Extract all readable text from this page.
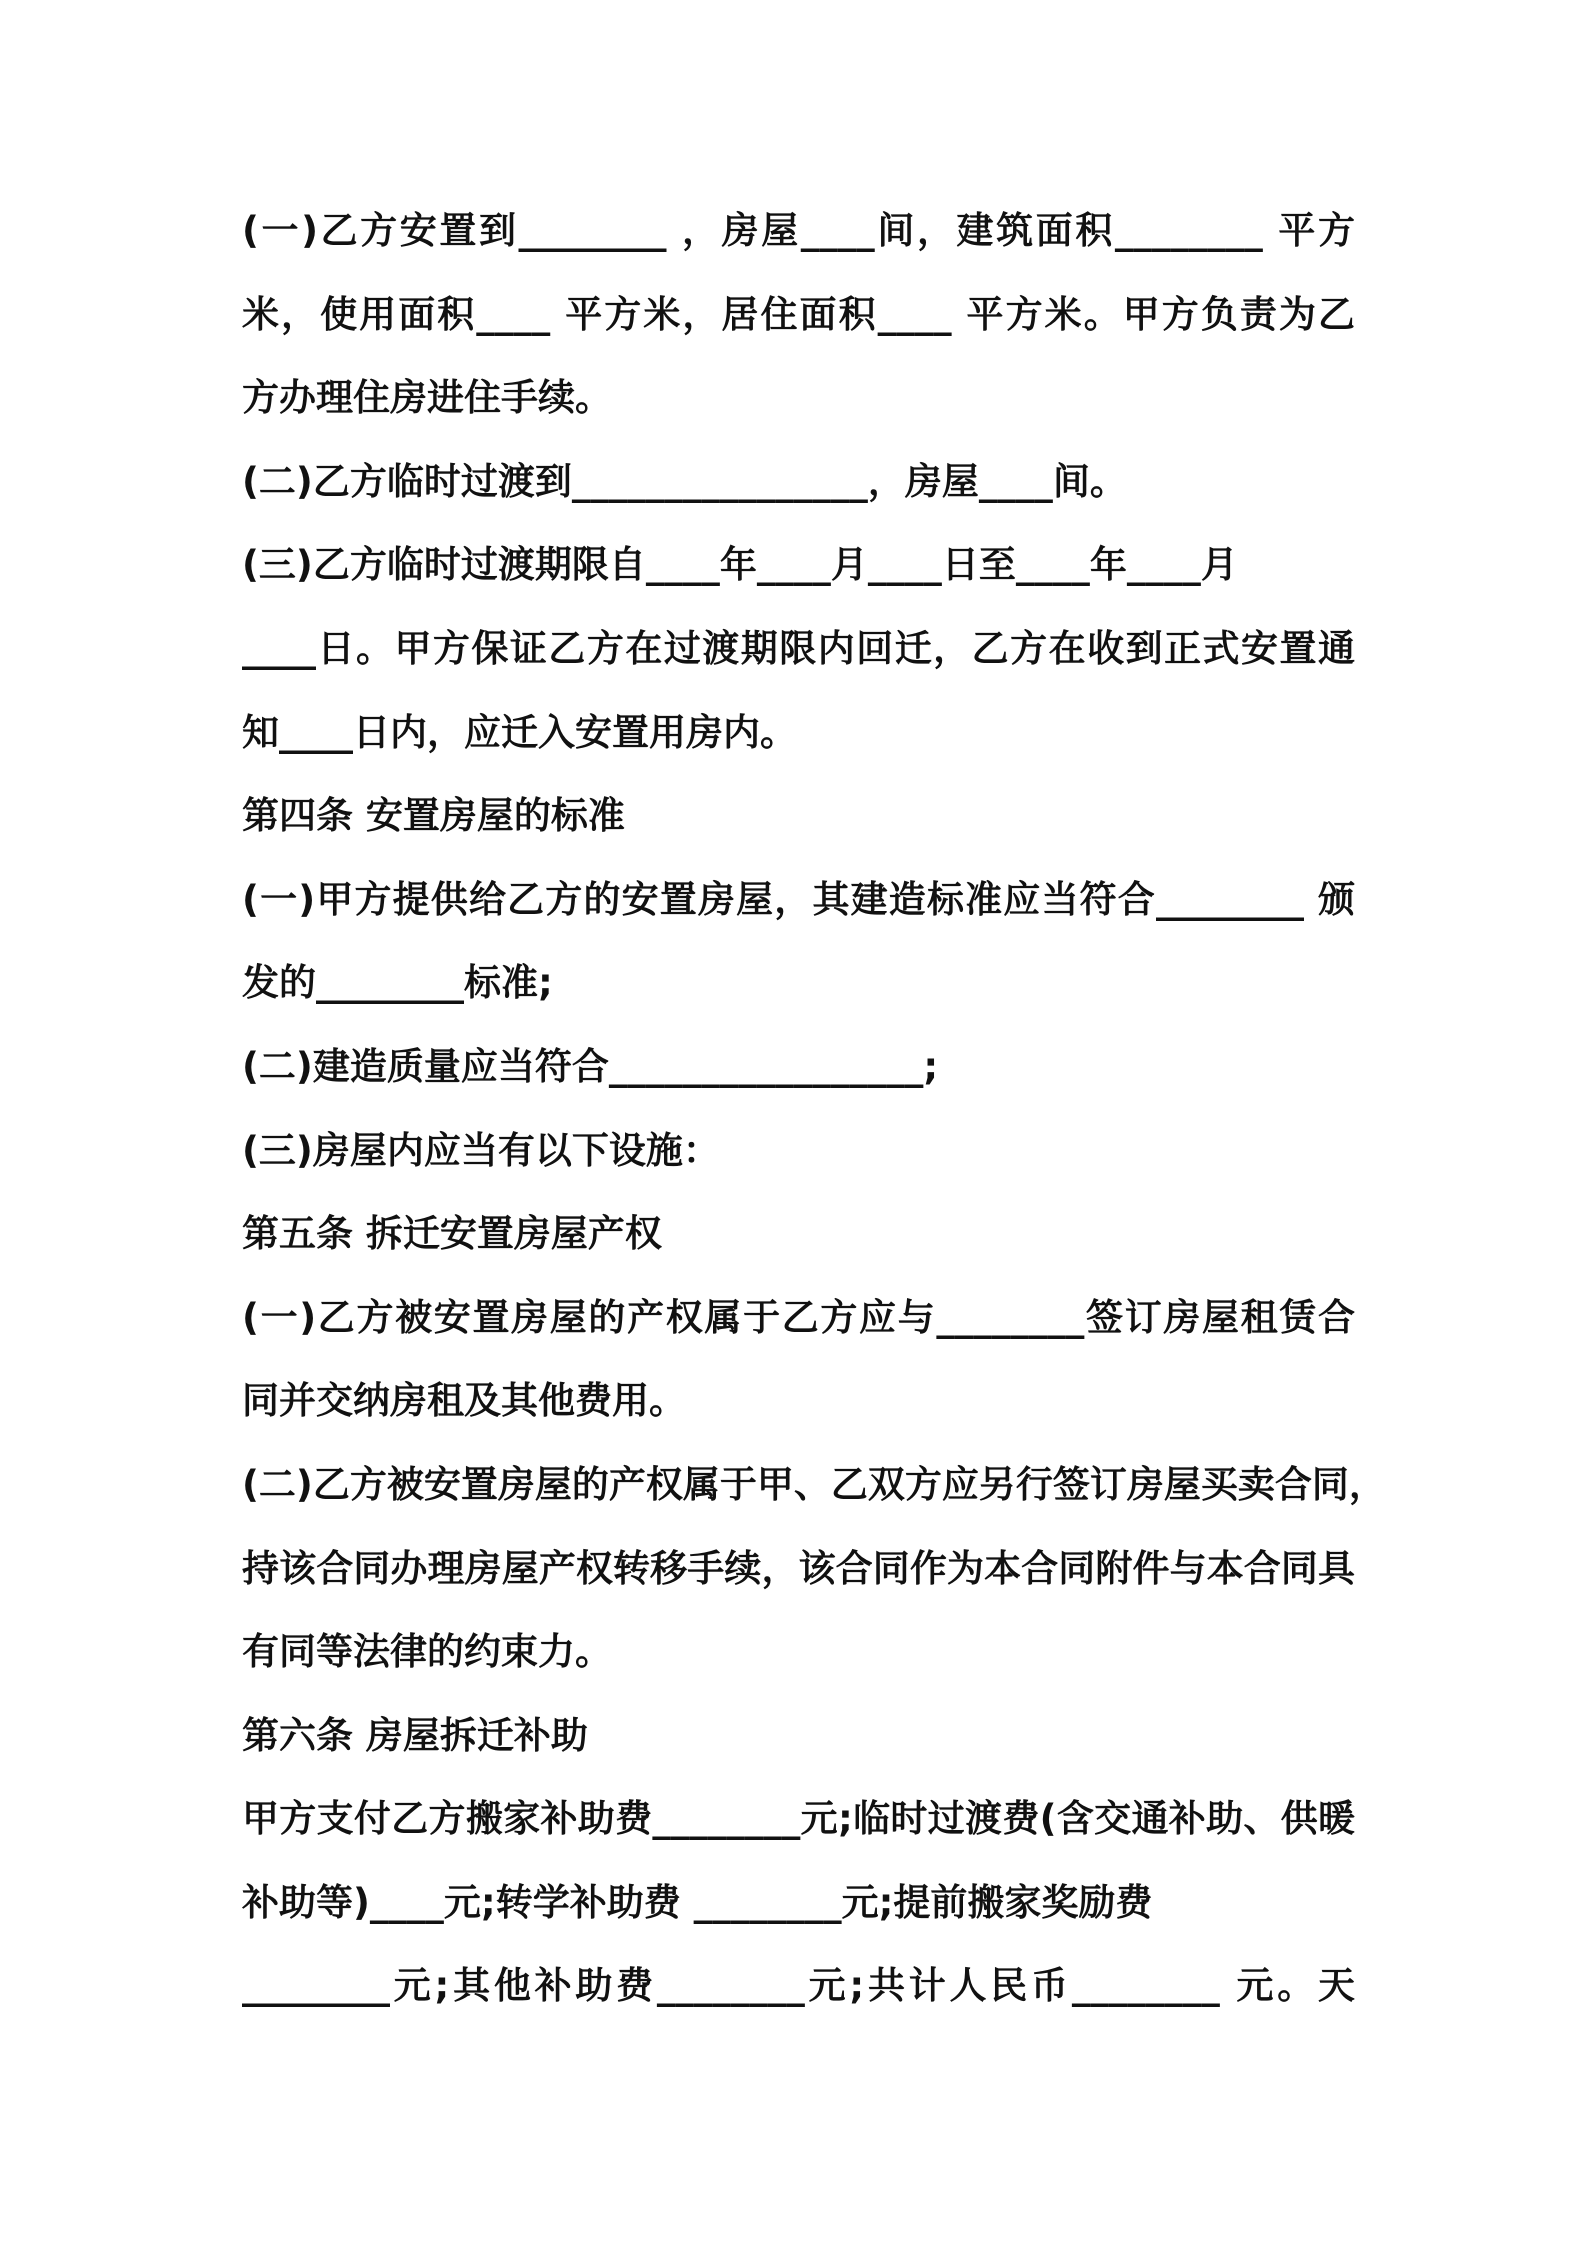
(一)乙方安置到________ ，房屋____间，建筑面积________ 平方
米，使用面积____ 平方米，居住面积____ 平方米。甲方负责为乙
方办理住房进住手续。
(二)乙方临时过渡到________________，房屋____间。
(三)乙方临时过渡期限自____年____月____日至____年____月
____日。甲方保证乙方在过渡期限内回迁，乙方在收到正式安置通
知____日内，应迁入安置用房内。
第四条 安置房屋的标准
(一)甲方提供给乙方的安置房屋，其建造标准应当符合________ 颁
发的________标准;
(二)建造质量应当符合_________________;
(三)房屋内应当有以下设施：
第五条 拆迁安置房屋产权
(一)乙方被安置房屋的产权属于乙方应与________签订房屋租赁合
同并交纳房租及其他费用。
(二)乙方被安置房屋的产权属于甲、乙双方应另行签订房屋买卖合同，
持该合同办理房屋产权转移手续，该合同作为本合同附件与本合同具
有同等法律的约束力。
第六条 房屋拆迁补助
甲方支付乙方搬家补助费________元;临时过渡费(含交通补助、供暖
补助等)____元;转学补助费 ________元;提前搬家奖励费
________元;其他补助费________元;共计人民币________ 元。天
